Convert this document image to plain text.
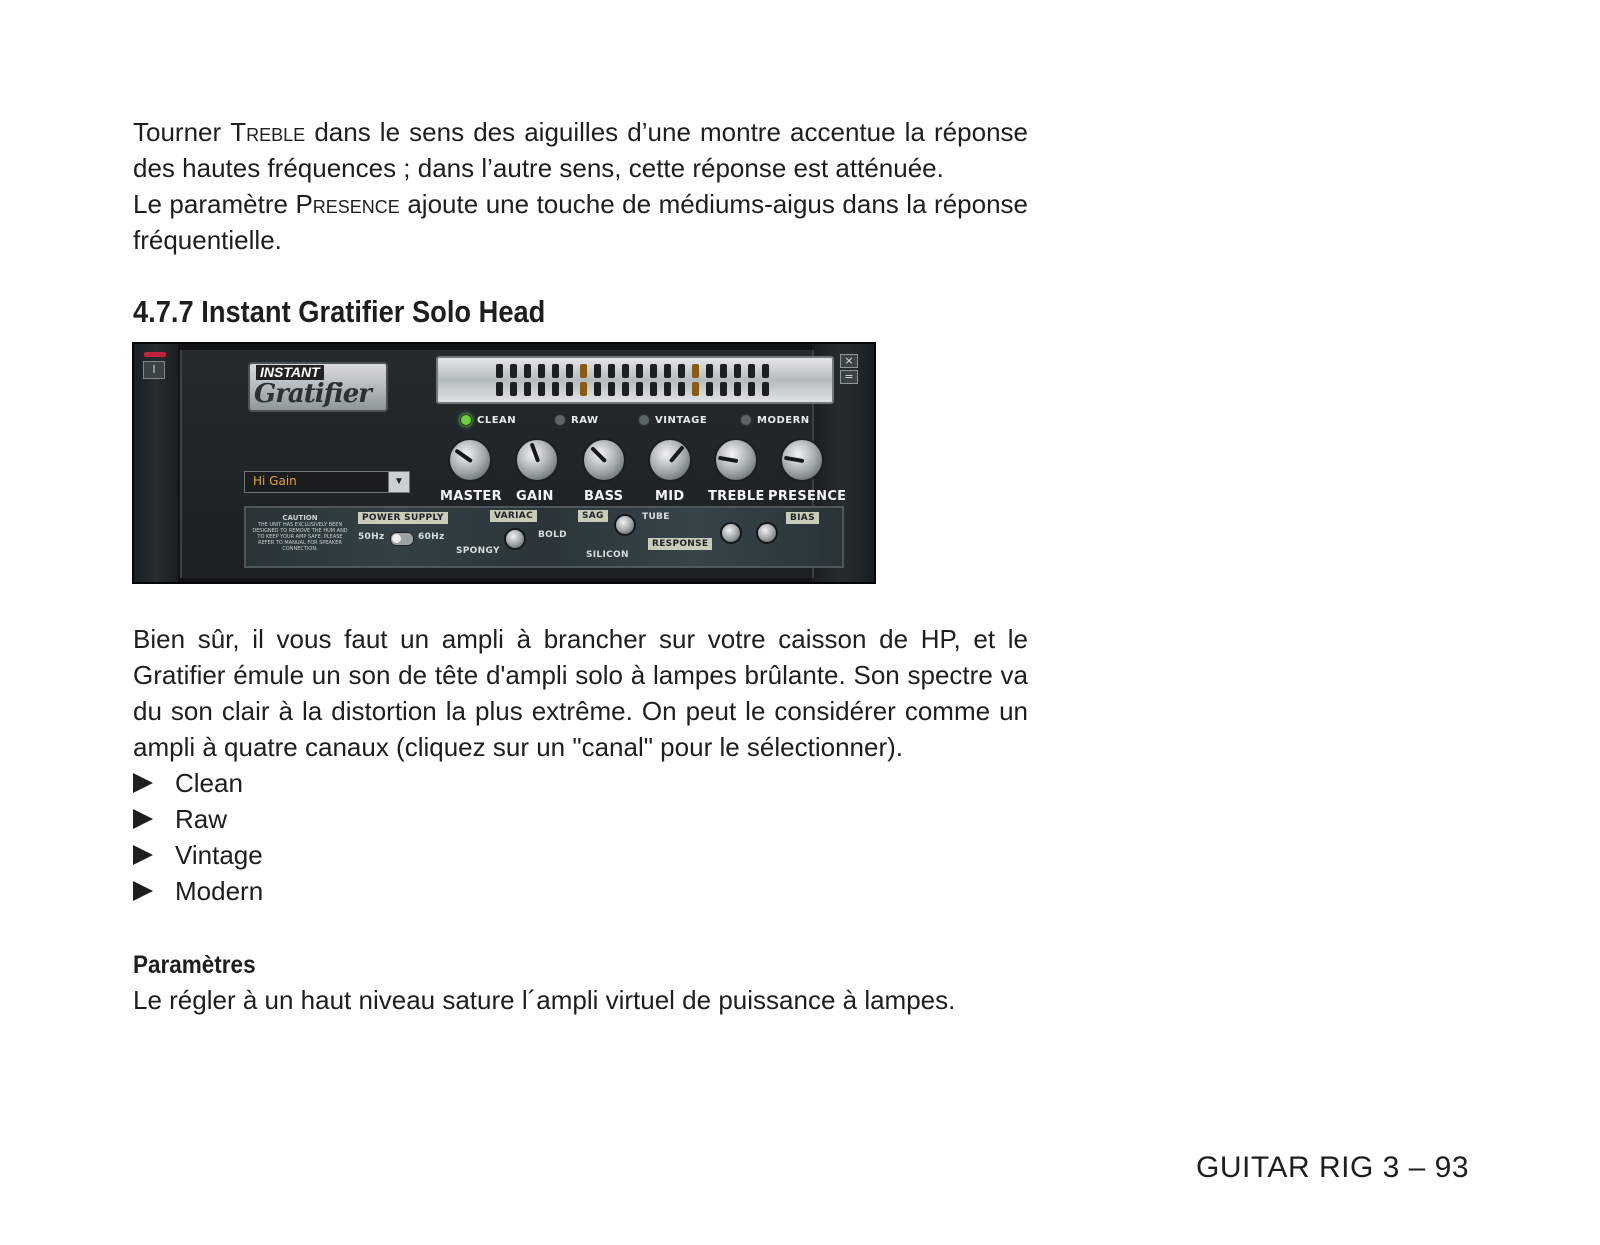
Tourner Treble dans le sens des aiguilles d’une montre accentue la réponse des hautes fréquences ; dans l’autre sens, cette réponse est atténuée.
Le paramètre Presence ajoute une touche de médiums-aigus dans la réponse fréquentielle.
4.7.7 Instant Gratifier Solo Head
I
×
=
INSTANT
Gratifier
CLEAN	RAW	VINTAGE	MODERN
Hi Gain	▼
MASTER GAIN BASS MID TREBLE PRESENCE
CAUTION
THE UNIT HAS EXCLUSIVELY BEEN DESIGNED TO REMOVE THE HUM AND TO KEEP YOUR AMP SAFE. PLEASE REFER TO MANUAL FOR SPEAKER CONNECTION.
POWER SUPPLY
50Hz	60Hz
VARIAC
SPONGY
BOLD
SAG
SILICON
TUBE
RESPONSE
BIAS
Bien sûr, il vous faut un ampli à brancher sur votre caisson de HP, et le Gratifier émule un son de tête d'ampli solo à lampes brûlante. Son spectre va du son clair à la distortion la plus extrême. On peut le considérer comme un ampli à quatre canaux (cliquez sur un "canal" pour le sélectionner).
Clean
Raw
Vintage
Modern
Paramètres
Le régler à un haut niveau sature l´ampli virtuel de puissance à lampes.
GUITAR RIG 3 – 93
